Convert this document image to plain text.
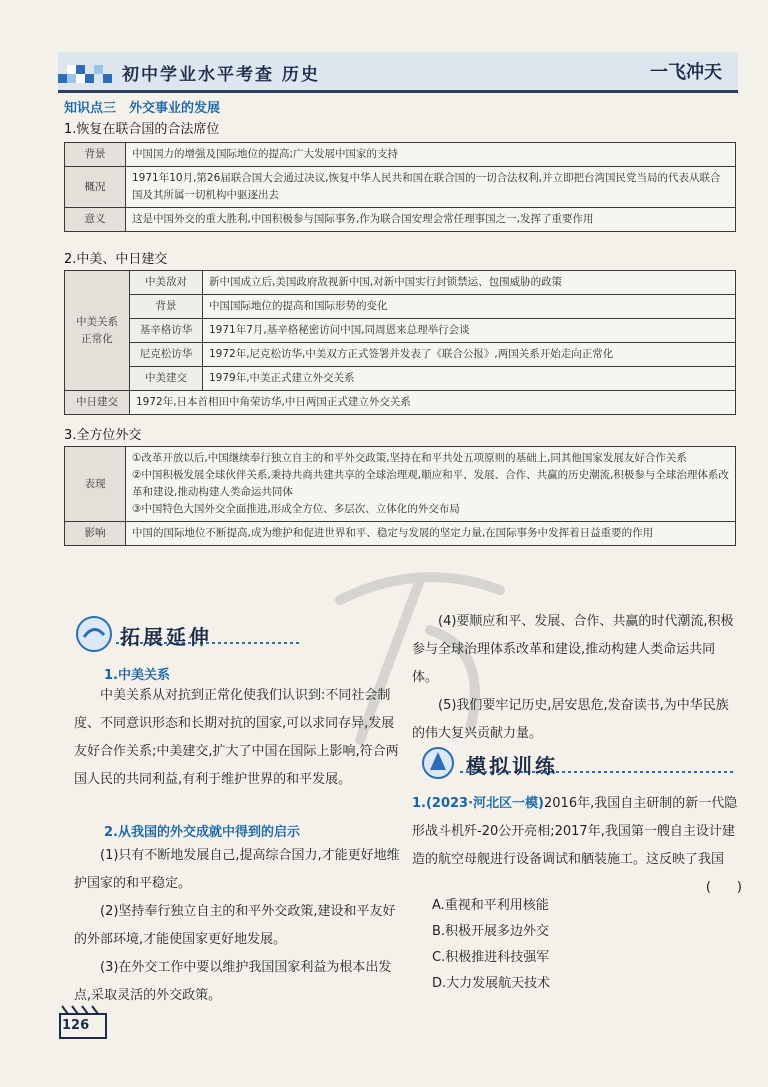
初中学业水平考查 历史	一飞冲天
知识点三　外交事业的发展
1.恢复在联合国的合法席位
背景	中国国力的增强及国际地位的提高;广大发展中国家的支持
概况	1971年10月,第26届联合国大会通过决议,恢复中华人民共和国在联合国的一切合法权利,并立即把台湾国民党当局的代表从联合国及其所属一切机构中驱逐出去
意义	这是中国外交的重大胜利,中国积极参与国际事务,作为联合国安理会常任理事国之一,发挥了重要作用
2.中美、中日建交
中美关系正常化	中美敌对	新中国成立后,美国政府敌视新中国,对新中国实行封锁禁运、包围威胁的政策
	背景	中国国际地位的提高和国际形势的变化
	基辛格访华	1971年7月,基辛格秘密访问中国,同周恩来总理举行会谈
	尼克松访华	1972年,尼克松访华,中美双方正式签署并发表了《联合公报》,两国关系开始走向正常化
	中美建交	1979年,中美正式建立外交关系
中日建交	1972年,日本首相田中角荣访华,中日两国正式建立外交关系	
3.全方位外交
表现	①改革开放以后,中国继续奉行独立自主的和平外交政策,坚持在和平共处五项原则的基础上,同其他国家发展友好合作关系
②中国积极发展全球伙伴关系,秉持共商共建共享的全球治理观,顺应和平、发展、合作、共赢的历史潮流,积极参与全球治理体系改革和建设,推动构建人类命运共同体
③中国特色大国外交全面推进,形成全方位、多层次、立体化的外交布局

影响	中国的国际地位不断提高,成为维护和促进世界和平、稳定与发展的坚定力量,在国际事务中发挥着日益重要的作用
拓展延伸
1.中美关系
中美关系从对抗到正常化使我们认识到:不同社会制度、不同意识形态和长期对抗的国家,可以求同存异,发展友好合作关系;中美建交,扩大了中国在国际上影响,符合两国人民的共同利益,有利于维护世界的和平发展。
2.从我国的外交成就中得到的启示
(1)只有不断地发展自己,提高综合国力,才能更好地维护国家的和平稳定。
(2)坚持奉行独立自主的和平外交政策,建设和平友好的外部环境,才能使国家更好地发展。
(3)在外交工作中要以维护我国国家利益为根本出发点,采取灵活的外交政策。
(4)要顺应和平、发展、合作、共赢的时代潮流,积极参与全球治理体系改革和建设,推动构建人类命运共同体。
(5)我们要牢记历史,居安思危,发奋读书,为中华民族的伟大复兴贡献力量。
模拟训练
1.(2023·河北区一模)2016年,我国自主研制的新一代隐形战斗机歼-20公开亮相;2017年,我国第一艘自主设计建造的航空母舰进行设备调试和舾装施工。这反映了我国
(　　)
A.重视和平利用核能
B.积极开展多边外交
C.积极推进科技强军
D.大力发展航天技术
126
